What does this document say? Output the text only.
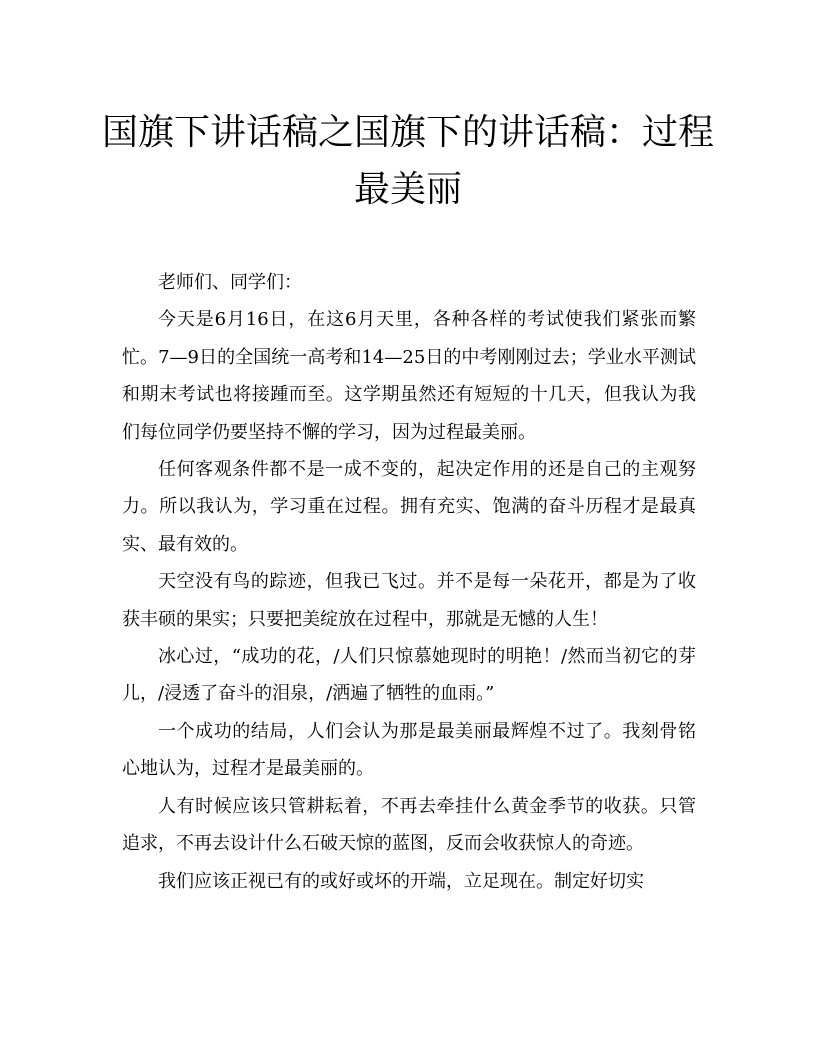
国旗下讲话稿之国旗下的讲话稿：过程
最美丽

老师们、同学们：

今天是6月16日，在这6月天里，各种各样的考试使我们紧张而繁忙。7—9日的全国统一高考和14—25日的中考刚刚过去；学业水平测试和期末考试也将接踵而至。这学期虽然还有短短的十几天，但我认为我们每位同学仍要坚持不懈的学习，因为过程最美丽。

任何客观条件都不是一成不变的，起决定作用的还是自己的主观努力。所以我认为，学习重在过程。拥有充实、饱满的奋斗历程才是最真实、最有效的。

天空没有鸟的踪迹，但我已飞过。并不是每一朵花开，都是为了收获丰硕的果实；只要把美绽放在过程中，那就是无憾的人生！

冰心过，“成功的花，/人们只惊慕她现时的明艳！/然而当初它的芽儿，/浸透了奋斗的泪泉，/洒遍了牺牲的血雨。”

一个成功的结局，人们会认为那是最美丽最辉煌不过了。我刻骨铭心地认为，过程才是最美丽的。

人有时候应该只管耕耘着，不再去牵挂什么黄金季节的收获。只管追求，不再去设计什么石破天惊的蓝图，反而会收获惊人的奇迹。

我们应该正视已有的或好或坏的开端，立足现在。制定好切实
